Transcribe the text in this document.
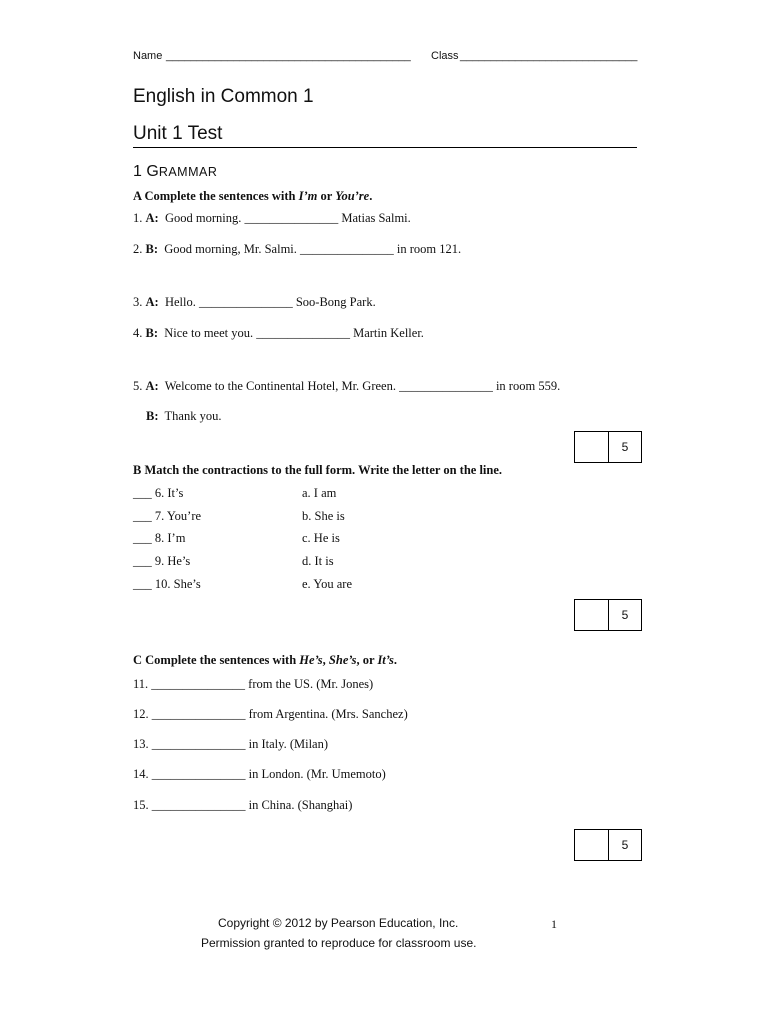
Name ________________________________________ Class _____________________________
English in Common 1
Unit 1 Test
1 GRAMMAR
A Complete the sentences with I’m or You’re.
1. A: Good morning. _______________ Matias Salmi.
2. B: Good morning, Mr. Salmi. _______________ in room 121.
3. A: Hello. _______________ Soo-Bong Park.
4. B: Nice to meet you. _______________ Martin Keller.
5. A: Welcome to the Continental Hotel, Mr. Green. _______________ in room 559.
B: Thank you.
5
B Match the contractions to the full form. Write the letter on the line.
___ 6. It’s
___ 7. You’re
___ 8. I’m
___ 9. He’s
___ 10. She’s
a. I am
b. She is
c. He is
d. It is
e. You are
5
C Complete the sentences with He’s, She’s, or It’s.
11. _______________ from the US. (Mr. Jones)
12. _______________ from Argentina. (Mrs. Sanchez)
13. _______________ in Italy. (Milan)
14. _______________ in London. (Mr. Umemoto)
15. _______________ in China. (Shanghai)
5
Copyright © 2012 by Pearson Education, Inc.
Permission granted to reproduce for classroom use.
1
